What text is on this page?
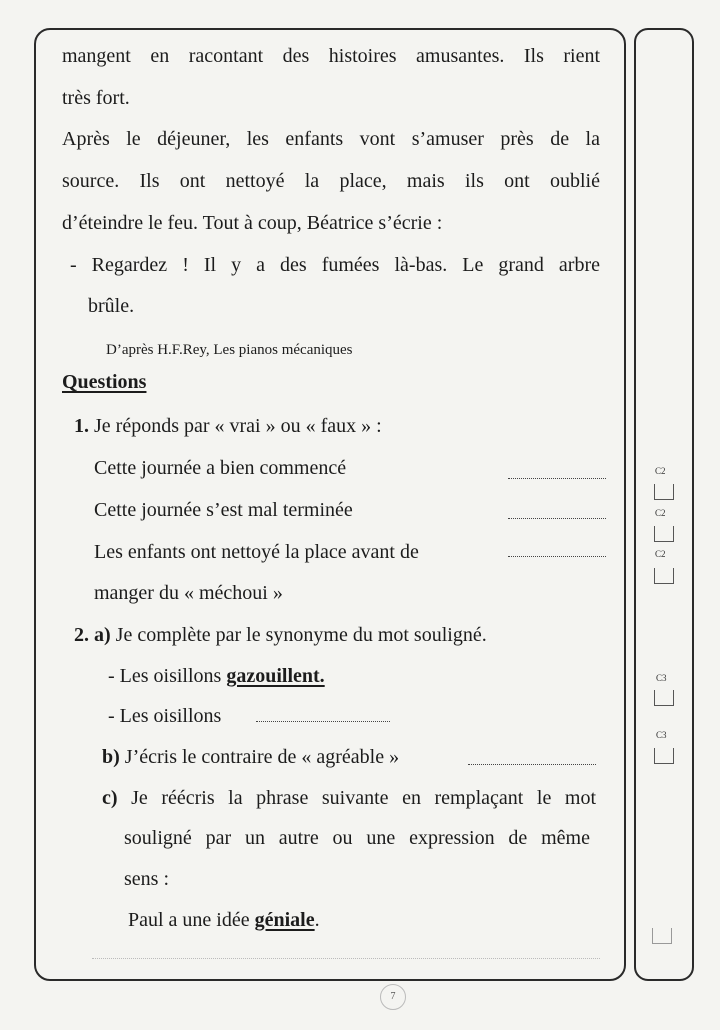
mangent en racontant des histoires amusantes. Ils rient
très fort.
Après le déjeuner, les enfants vont s’amuser près de la
source. Ils ont nettoyé la place, mais ils ont oublié
d’éteindre le feu. Tout à coup, Béatrice s’écrie :
- Regardez ! Il y a des fumées là-bas. Le grand arbre
brûle.
D’après H.F.Rey, Les pianos mécaniques
Questions
1. Je réponds par « vrai » ou « faux » :
Cette journée a bien commencé
Cette journée s’est mal terminée
Les enfants ont nettoyé la place avant de
manger du « méchoui »
2. a) Je complète par le synonyme du mot souligné.
- Les oisillons gazouillent.
- Les oisillons
b) J’écris le contraire de « agréable »
c) Je réécris la phrase suivante en remplaçant le mot
souligné par un autre ou une expression de même
sens :
Paul a une idée géniale.
C2
C2
C2
C3
C3
7
